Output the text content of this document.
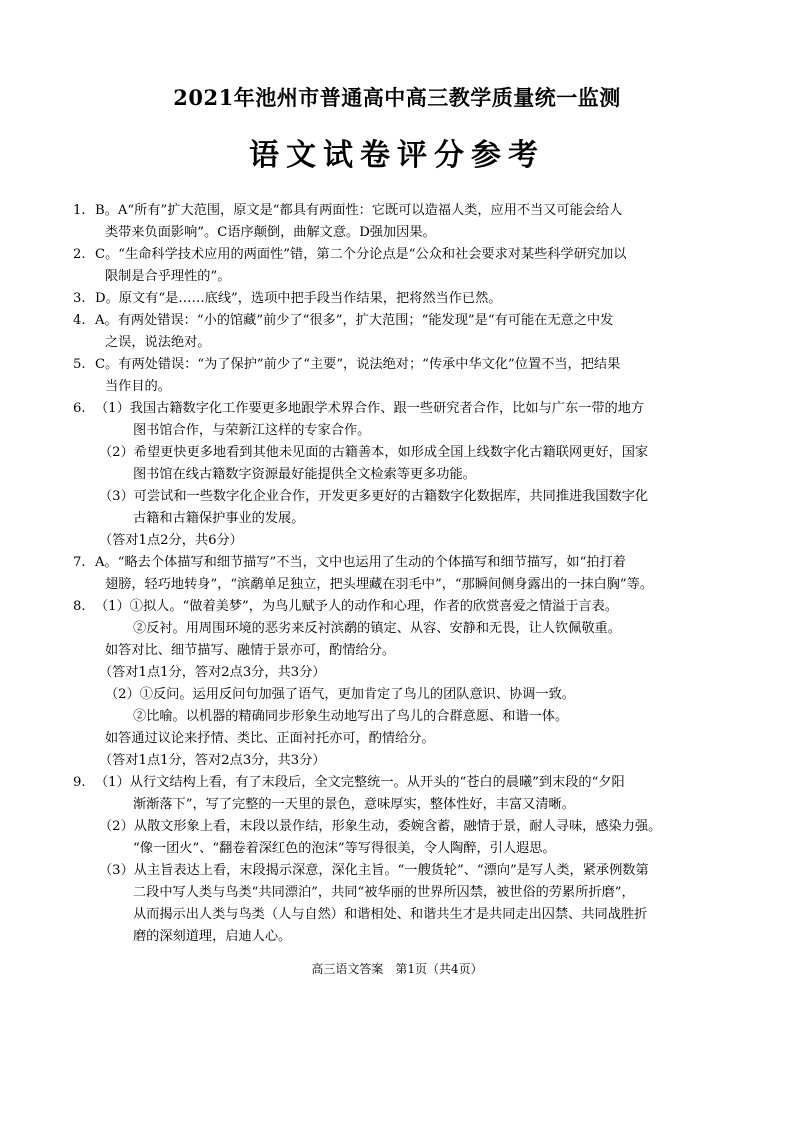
2021年池州市普通高中高三教学质量统一监测
语文试卷评分参考
1. B。A“所有”扩大范围，原文是“都具有两面性：它既可以造福人类，应用不当又可能会给人
类带来负面影响”。C语序颠倒，曲解文意。D强加因果。
2. C。“生命科学技术应用的两面性”错，第二个分论点是“公众和社会要求对某些科学研究加以
限制是合乎理性的”。
3. D。原文有“是……底线”，选项中把手段当作结果，把将然当作已然。
4. A。有两处错误：“小的馆藏”前少了“很多”，扩大范围；“能发现”是“有可能在无意之中发
之误，说法绝对。
5. C。有两处错误：“为了保护”前少了“主要”，说法绝对；“传承中华文化”位置不当，把结果
当作目的。
6. （1）我国古籍数字化工作要更多地跟学术界合作、跟一些研究者合作，比如与广东一带的地方
图书馆合作，与荣新江这样的专家合作。
（2）希望更快更多地看到其他未见面的古籍善本，如形成全国上线数字化古籍联网更好，国家
图书馆在线古籍数字资源最好能提供全文检索等更多功能。
（3）可尝试和一些数字化企业合作，开发更多更好的古籍数字化数据库，共同推进我国数字化
古籍和古籍保护事业的发展。
（答对1点2分，共6分）
7. A。“略去个体描写和细节描写”不当，文中也运用了生动的个体描写和细节描写，如“拍打着
翅膀，轻巧地转身”，“滨鹬单足独立，把头埋藏在羽毛中”，“那瞬间侧身露出的一抹白胸”等。
8. （1）①拟人。“做着美梦”，为鸟儿赋予人的动作和心理，作者的欣赏喜爱之情溢于言表。
②反衬。用周围环境的恶劣来反衬滨鹬的镇定、从容、安静和无畏，让人钦佩敬重。
如答对比、细节描写、融情于景亦可，酌情给分。
（答对1点1分，答对2点3分，共3分）
（2）①反问。运用反问句加强了语气，更加肯定了鸟儿的团队意识、协调一致。
②比喻。以机器的精确同步形象生动地写出了鸟儿的合群意愿、和谐一体。
如答通过议论来抒情、类比、正面衬托亦可，酌情给分。
（答对1点1分，答对2点3分，共3分）
9. （1）从行文结构上看，有了末段后，全文完整统一。从开头的“苍白的晨曦”到末段的“夕阳
渐渐落下”，写了完整的一天里的景色，意味厚实，整体性好，丰富又清晰。
（2）从散文形象上看，末段以景作结，形象生动，委婉含蓄，融情于景，耐人寻味，感染力强。
“像一团火”、“翻卷着深红色的泡沫”等写得很美，令人陶醉，引人遐思。
（3）从主旨表达上看，末段揭示深意，深化主旨。“一艘货轮”、“漂向”是写人类，紧承例数第
二段中写人类与鸟类“共同漂泊”，共同“被华丽的世界所囚禁，被世俗的劳累所折磨”，
从而揭示出人类与鸟类（人与自然）和谐相处、和谐共生才是共同走出囚禁、共同战胜折
磨的深刻道理，启迪人心。
高三语文答案　第1页（共4页）
